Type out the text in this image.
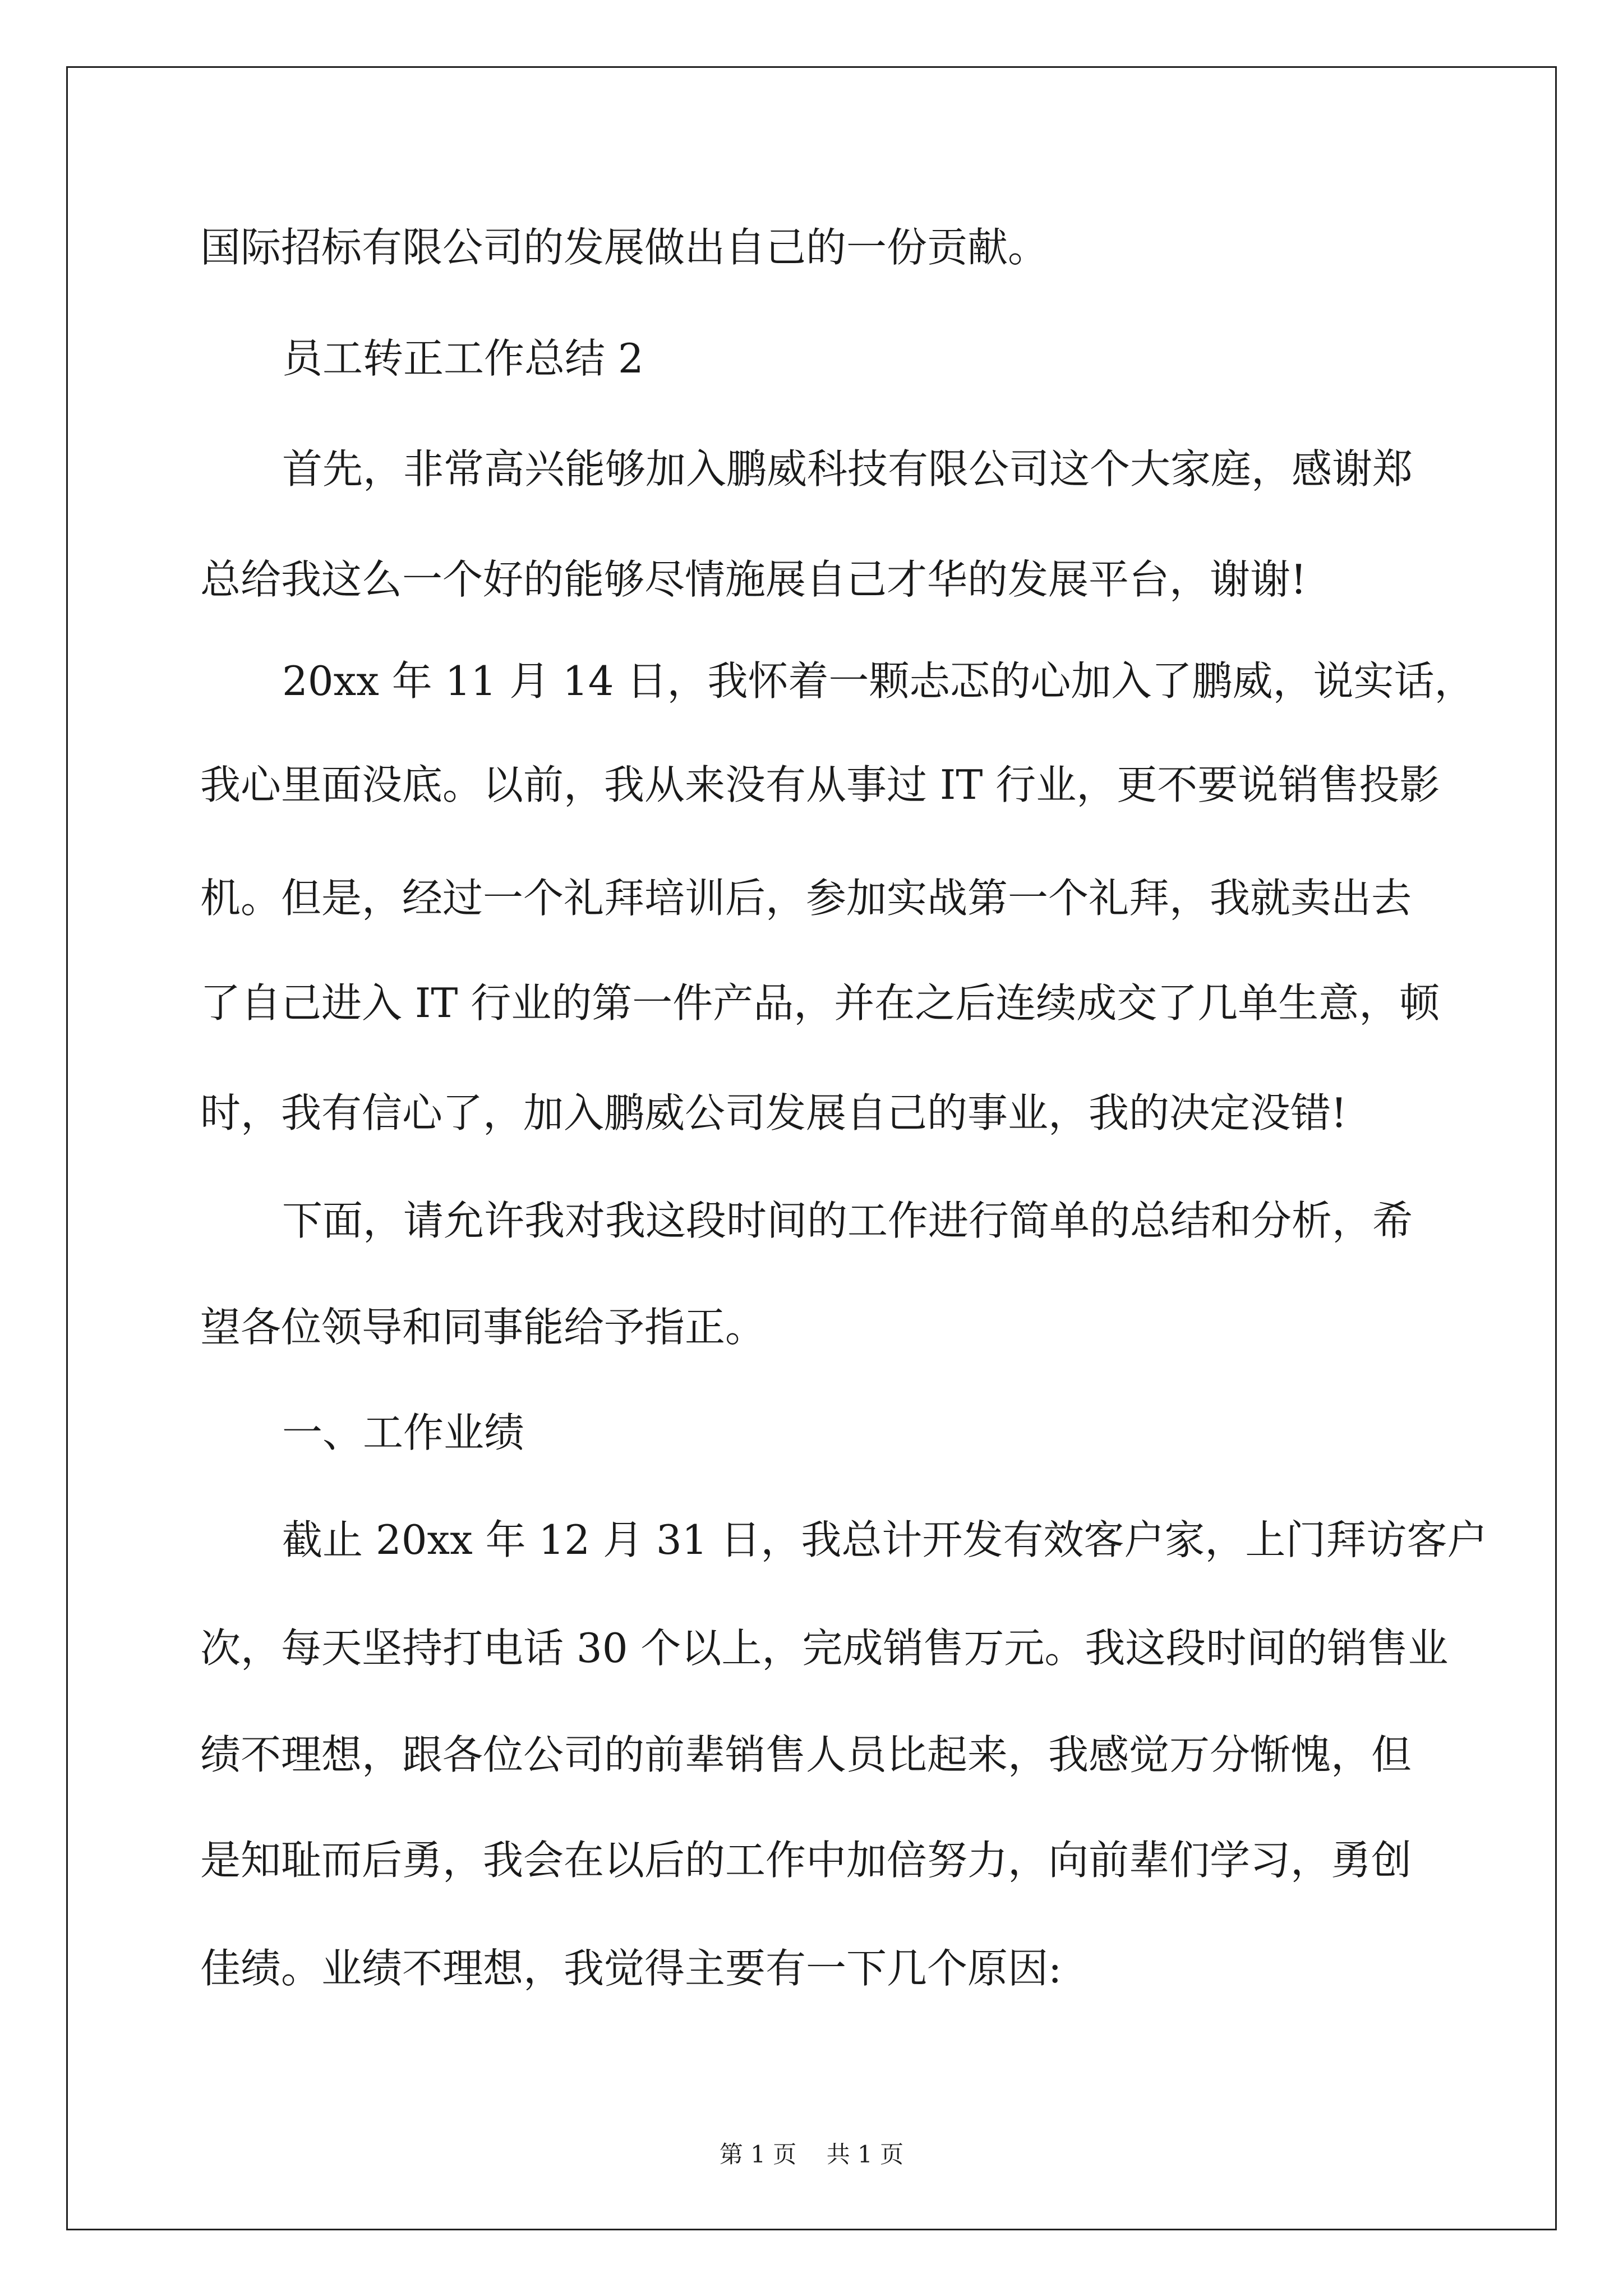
国际招标有限公司的发展做出自己的一份贡献。
员工转正工作总结 2
首先，非常高兴能够加入鹏威科技有限公司这个大家庭，感谢郑
总给我这么一个好的能够尽情施展自己才华的发展平台，谢谢!
20xx 年 11 月 14 日，我怀着一颗忐忑的心加入了鹏威，说实话，
我心里面没底。以前，我从来没有从事过 IT 行业，更不要说销售投影
机。但是，经过一个礼拜培训后，参加实战第一个礼拜，我就卖出去
了自己进入 IT 行业的第一件产品，并在之后连续成交了几单生意，顿
时，我有信心了，加入鹏威公司发展自己的事业，我的决定没错!
下面，请允许我对我这段时间的工作进行简单的总结和分析，希
望各位领导和同事能给予指正。
一、工作业绩
截止 20xx 年 12 月 31 日，我总计开发有效客户家，上门拜访客户
次，每天坚持打电话 30 个以上，完成销售万元。我这段时间的销售业
绩不理想，跟各位公司的前辈销售人员比起来，我感觉万分惭愧，但
是知耻而后勇，我会在以后的工作中加倍努力，向前辈们学习，勇创
佳绩。业绩不理想，我觉得主要有一下几个原因:
第 1 页    共 1 页
